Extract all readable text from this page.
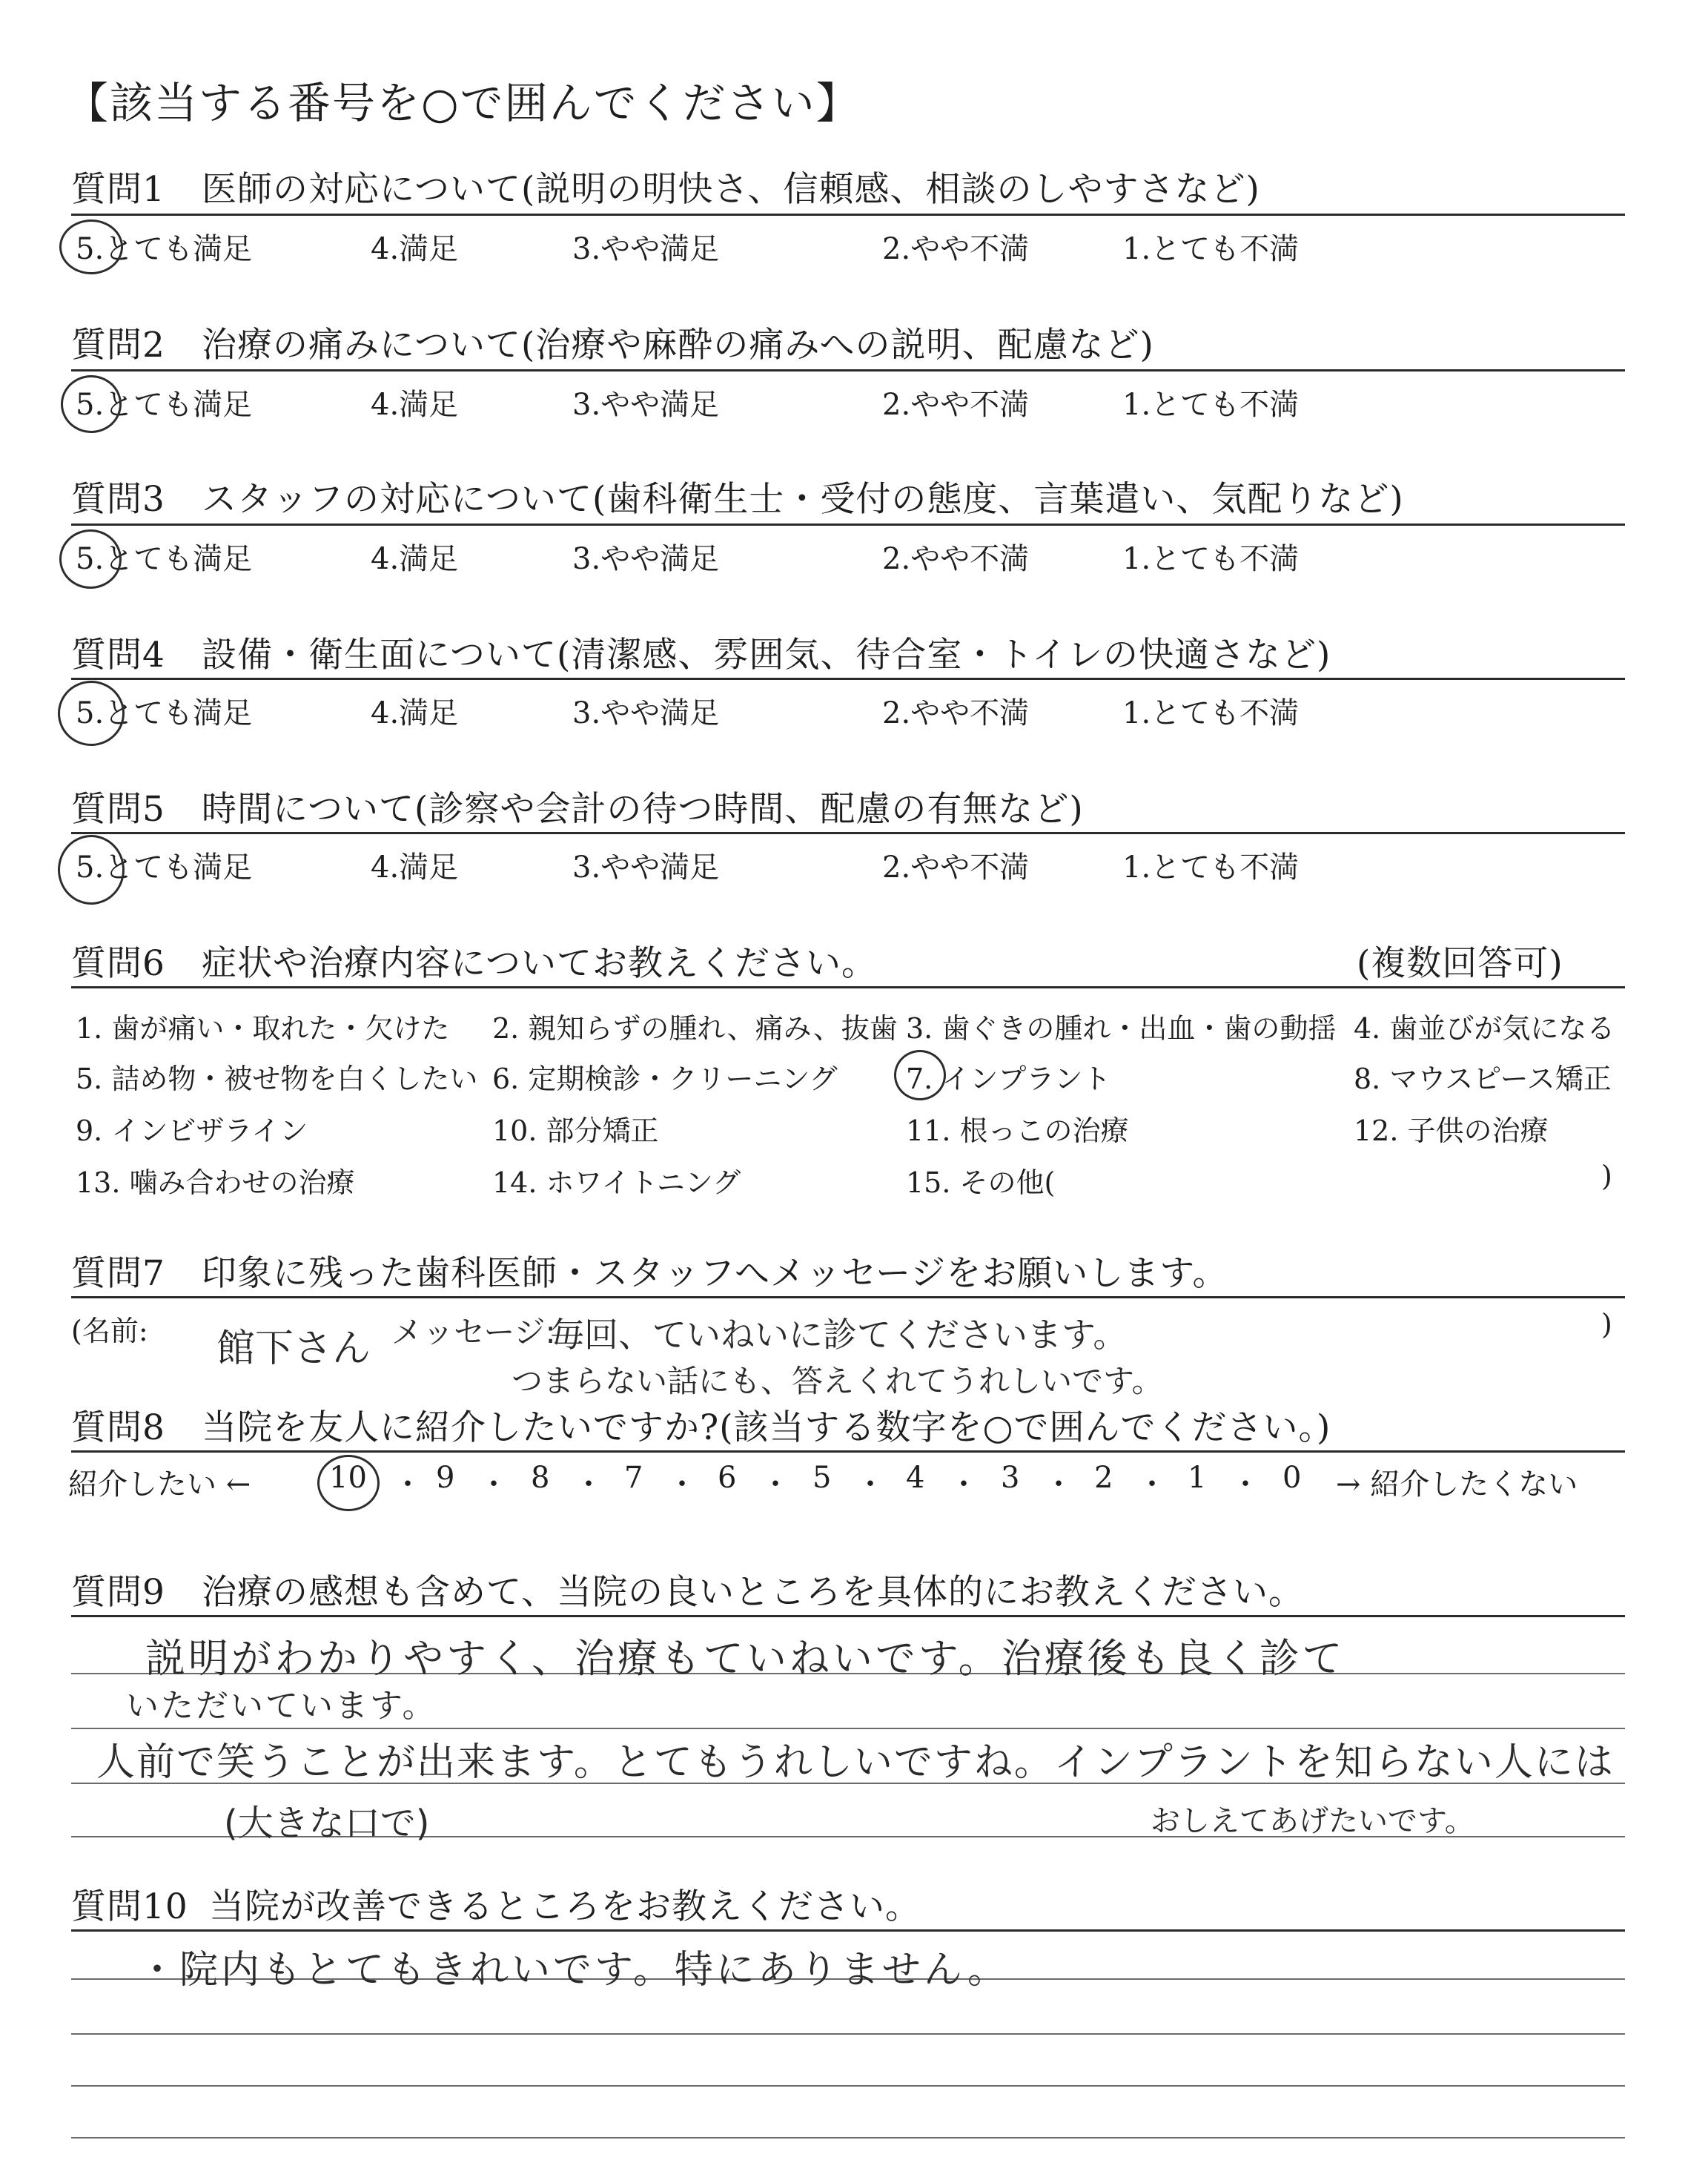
【該当する番号を○で囲んでください】
質問1 医師の対応について(説明の明快さ、信頼感、相談のしやすさなど)
5.とても満足	4.満足	3.やや満足	2.やや不満	1.とても不満
質問2 治療の痛みについて(治療や麻酔の痛みへの説明、配慮など)
5.とても満足	4.満足	3.やや満足	2.やや不満	1.とても不満
質問3 スタッフの対応について(歯科衛生士・受付の態度、言葉遣い、気配りなど)
5.とても満足	4.満足	3.やや満足	2.やや不満	1.とても不満
質問4 設備・衛生面について(清潔感、雰囲気、待合室・トイレの快適さなど)
5.とても満足	4.満足	3.やや満足	2.やや不満	1.とても不満
質問5 時間について(診察や会計の待つ時間、配慮の有無など)
5.とても満足	4.満足	3.やや満足	2.やや不満	1.とても不満
質問6 症状や治療内容についてお教えください。	(複数回答可)
1. 歯が痛い・取れた・欠けた 2. 親知らずの腫れ、痛み、抜歯 3. 歯ぐきの腫れ・出血・歯の動揺 4. 歯並びが気になる
5. 詰め物・被せ物を白くしたい 6. 定期検診・クリーニング 7. インプラント	8. マウスピース矯正
9. インビザライン	10. 部分矯正	11. 根っこの治療	12. 子供の治療
13. 噛み合わせの治療	14. ホワイトニング	15. その他(	)
質問7 印象に残った歯科医師・スタッフへメッセージをお願いします。
(名前: 館下さん メッセージ:
毎回、ていねいに診てくださいます。
つまらない話にも、答えくれてうれしいです。
)
質問8 当院を友人に紹介したいですか?(該当する数字を○で囲んでください。)
紹介したい ←	10 ・ 9 ・ 8 ・ 7 ・ 6 ・ 5 ・ 4 ・ 3 ・ 2 ・ 1 ・ 0 → 紹介したくない
質問9 治療の感想も含めて、当院の良いところを具体的にお教えください。
説明がわかりやすく、治療もていねいです。治療後も良く診て
いただいています。
人前で笑うことが出来ます。とてもうれしいですね。インプラントを知らない人には
(大きな口で)	おしえてあげたいです。
質問10 当院が改善できるところをお教えください。
・院内もとてもきれいです。特にありません。
